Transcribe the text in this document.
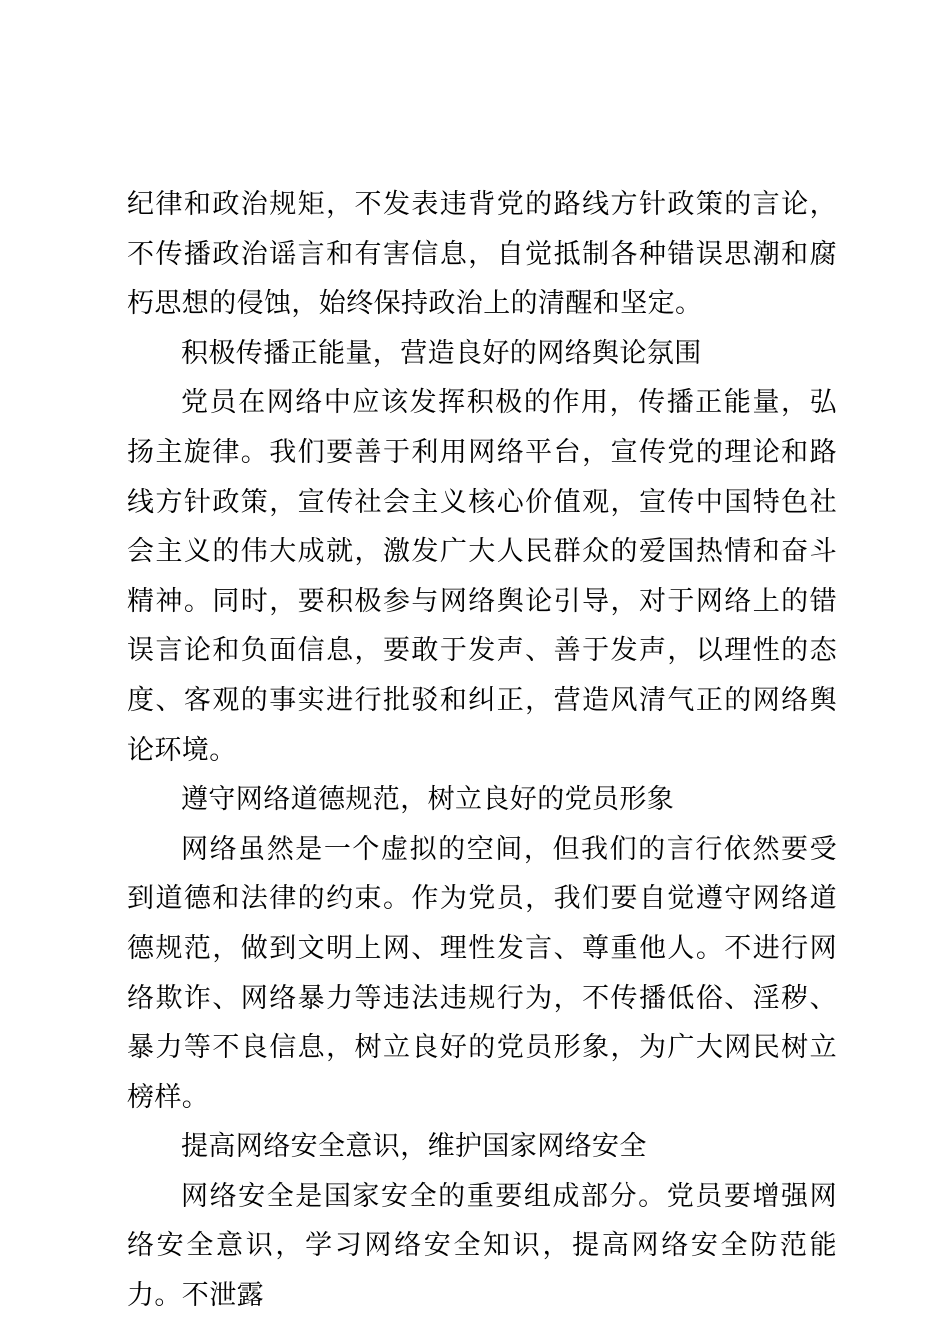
纪律和政治规矩，不发表违背党的路线方针政策的言论，不传播政治谣言和有害信息，自觉抵制各种错误思潮和腐朽思想的侵蚀，始终保持政治上的清醒和坚定。

积极传播正能量，营造良好的网络舆论氛围

党员在网络中应该发挥积极的作用，传播正能量，弘扬主旋律。我们要善于利用网络平台，宣传党的理论和路线方针政策，宣传社会主义核心价值观，宣传中国特色社会主义的伟大成就，激发广大人民群众的爱国热情和奋斗精神。同时，要积极参与网络舆论引导，对于网络上的错误言论和负面信息，要敢于发声、善于发声，以理性的态度、客观的事实进行批驳和纠正，营造风清气正的网络舆论环境。

遵守网络道德规范，树立良好的党员形象

网络虽然是一个虚拟的空间，但我们的言行依然要受到道德和法律的约束。作为党员，我们要自觉遵守网络道德规范，做到文明上网、理性发言、尊重他人。不进行网络欺诈、网络暴力等违法违规行为，不传播低俗、淫秽、暴力等不良信息，树立良好的党员形象，为广大网民树立榜样。

提高网络安全意识，维护国家网络安全

网络安全是国家安全的重要组成部分。党员要增强网络安全意识，学习网络安全知识，提高网络安全防范能力。不泄露
